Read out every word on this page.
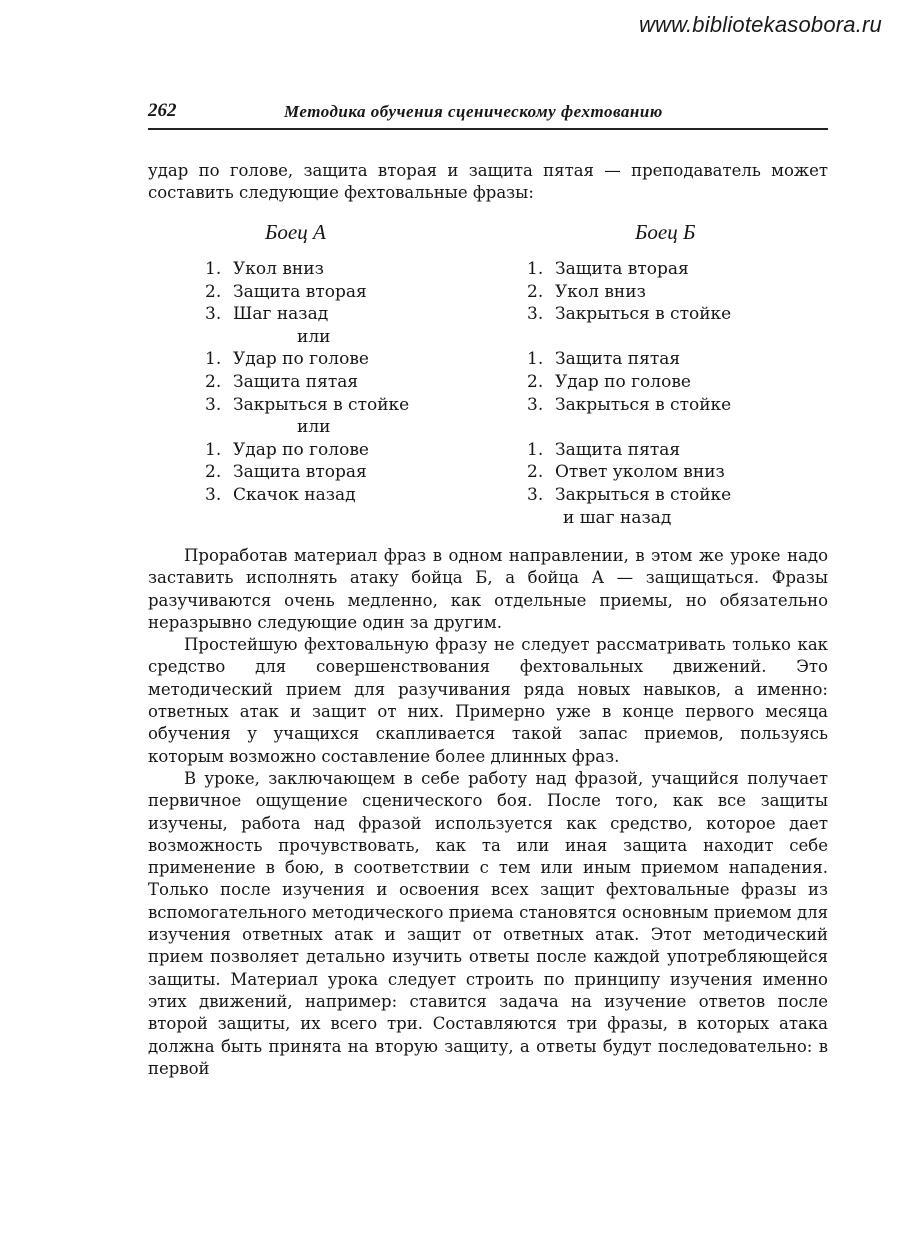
www.bibliotekasobora.ru
262	Методика обучения сценическому фехтованию

удар по голове, защита вторая и защита пятая — преподаватель может составить следующие фехтовальные фразы:

Боец А	Боец Б
1. Укол вниз
2. Защита вторая
3. Шаг назад
или
1. Удар по голове
2. Защита пятая
3. Закрыться в стойке
или
1. Удар по голове
2. Защита вторая
3. Скачок назад
1. Защита вторая
2. Укол вниз
3. Закрыться в стойке
1. Защита пятая
2. Удар по голове
3. Закрыться в стойке
1. Защита пятая
2. Ответ уколом вниз
3. Закрыться в стойке
и шаг назад

Проработав материал фраз в одном направлении, в этом же уроке надо заставить исполнять атаку бойца Б, а бойца А — защищаться. Фразы разучиваются очень медленно, как отдельные приемы, но обязательно неразрывно следующие один за другим.

Простейшую фехтовальную фразу не следует рассматривать только как средство для совершенствования фехтовальных движений. Это методический прием для разучивания ряда новых навыков, а именно: ответных атак и защит от них. Примерно уже в конце первого месяца обучения у учащихся скапливается такой запас приемов, пользуясь которым возможно составление более длинных фраз.

В уроке, заключающем в себе работу над фразой, учащийся получает первичное ощущение сценического боя. После того, как все защиты изучены, работа над фразой используется как средство, которое дает возможность прочувствовать, как та или иная защита находит себе применение в бою, в соответствии с тем или иным приемом нападения. Только после изучения и освоения всех защит фехтовальные фразы из вспомогательного методического приема становятся основным приемом для изучения ответных атак и защит от ответных атак. Этот методический прием позволяет детально изучить ответы после каждой употребляющейся защиты. Материал урока следует строить по принципу изучения именно этих движений, например: ставится задача на изучение ответов после второй защиты, их всего три. Составляются три фразы, в которых атака должна быть принята на вторую защиту, а ответы будут последовательно: в первой
